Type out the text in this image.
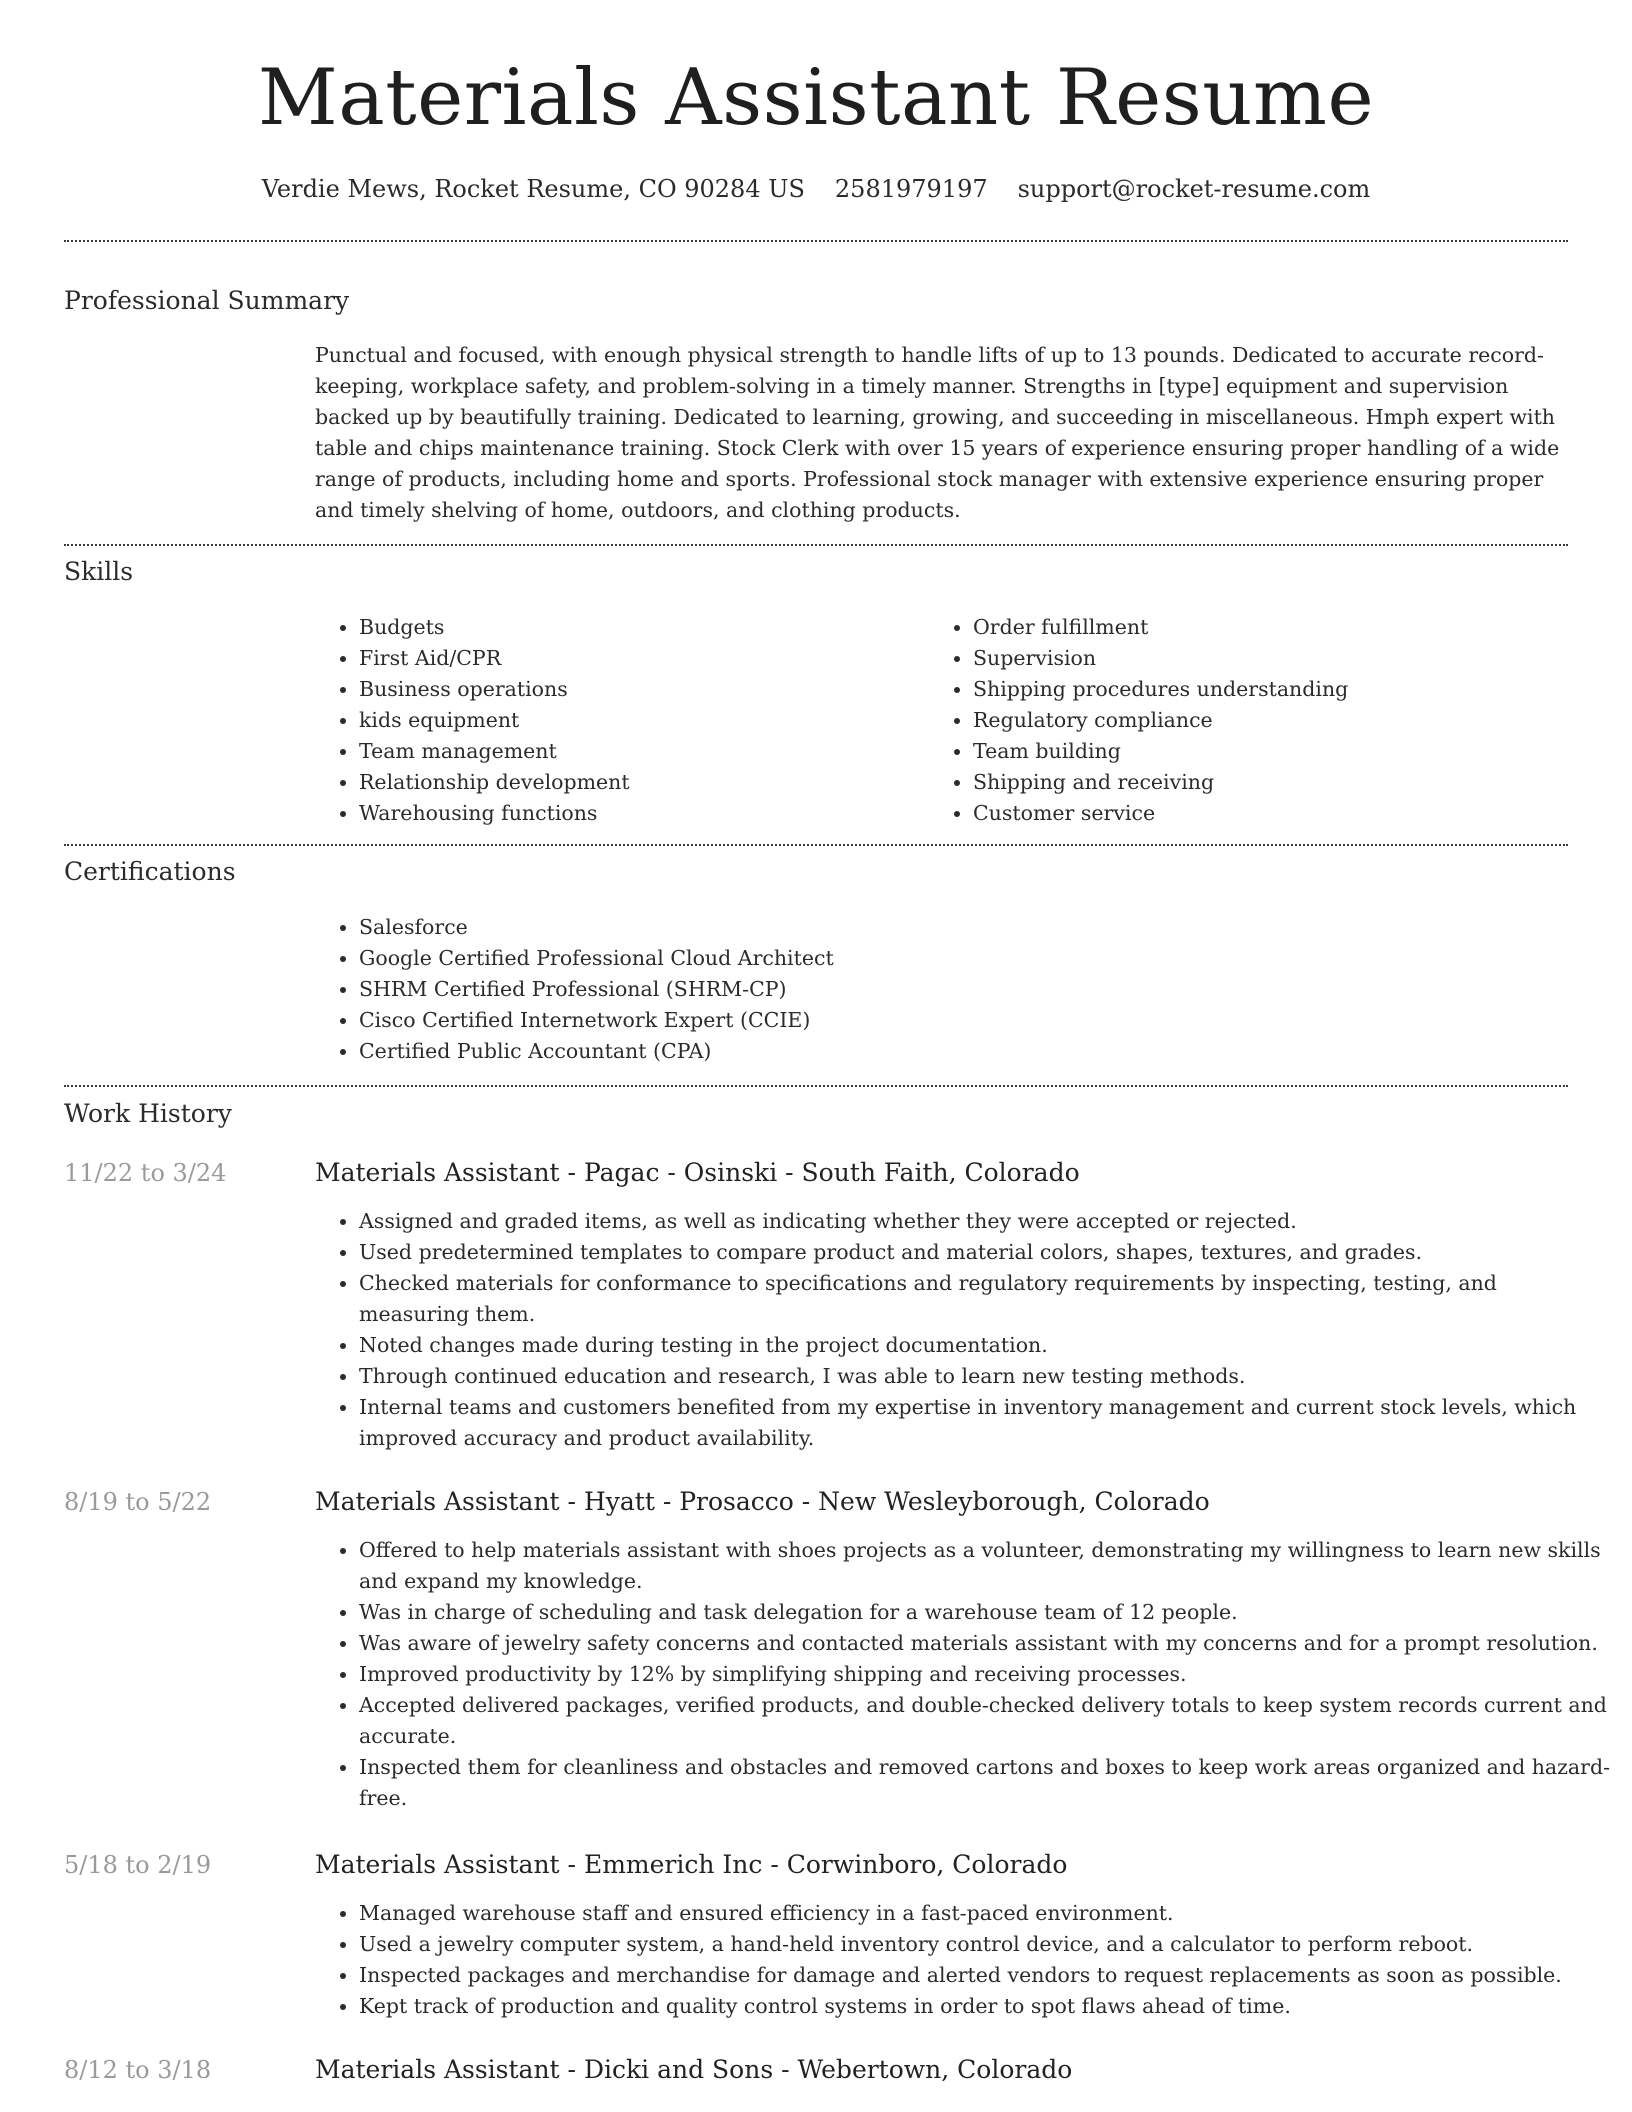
Materials Assistant Resume
Verdie Mews, Rocket Resume, CO 90284 US 2581979197 support@rocket-resume.com
Professional Summary

Punctual and focused, with enough physical strength to handle lifts of up to 13 pounds. Dedicated to accurate record-keeping, workplace safety, and problem-solving in a timely manner. Strengths in [type] equipment and supervision backed up by beautifully training. Dedicated to learning, growing, and succeeding in miscellaneous. Hmph expert with table and chips maintenance training. Stock Clerk with over 15 years of experience ensuring proper handling of a wide range of products, including home and sports. Professional stock manager with extensive experience ensuring proper and timely shelving of home, outdoors, and clothing products.

Skills
• Budgets
• First Aid/CPR
• Business operations
• kids equipment
• Team management
• Relationship development
• Warehousing functions
• Order fulfillment
• Supervision
• Shipping procedures understanding
• Regulatory compliance
• Team building
• Shipping and receiving
• Customer service
Certifications
• Salesforce
• Google Certified Professional Cloud Architect
• SHRM Certified Professional (SHRM-CP)
• Cisco Certified Internetwork Expert (CCIE)
• Certified Public Accountant (CPA)
Work History
11/22 to 3/24	Materials Assistant - Pagac - Osinski - South Faith, Colorado
• Assigned and graded items, as well as indicating whether they were accepted or rejected.
• Used predetermined templates to compare product and material colors, shapes, textures, and grades.
• Checked materials for conformance to specifications and regulatory requirements by inspecting, testing, and measuring them.
• Noted changes made during testing in the project documentation.
• Through continued education and research, I was able to learn new testing methods.
• Internal teams and customers benefited from my expertise in inventory management and current stock levels, which improved accuracy and product availability.
8/19 to 5/22	Materials Assistant - Hyatt - Prosacco - New Wesleyborough, Colorado
• Offered to help materials assistant with shoes projects as a volunteer, demonstrating my willingness to learn new skills and expand my knowledge.
• Was in charge of scheduling and task delegation for a warehouse team of 12 people.
• Was aware of jewelry safety concerns and contacted materials assistant with my concerns and for a prompt resolution.
• Improved productivity by 12% by simplifying shipping and receiving processes.
• Accepted delivered packages, verified products, and double-checked delivery totals to keep system records current and accurate.
• Inspected them for cleanliness and obstacles and removed cartons and boxes to keep work areas organized and hazard-free.
5/18 to 2/19	Materials Assistant - Emmerich Inc - Corwinboro, Colorado
• Managed warehouse staff and ensured efficiency in a fast-paced environment.
• Used a jewelry computer system, a hand-held inventory control device, and a calculator to perform reboot.
• Inspected packages and merchandise for damage and alerted vendors to request replacements as soon as possible.
• Kept track of production and quality control systems in order to spot flaws ahead of time.
8/12 to 3/18	Materials Assistant - Dicki and Sons - Webertown, Colorado
